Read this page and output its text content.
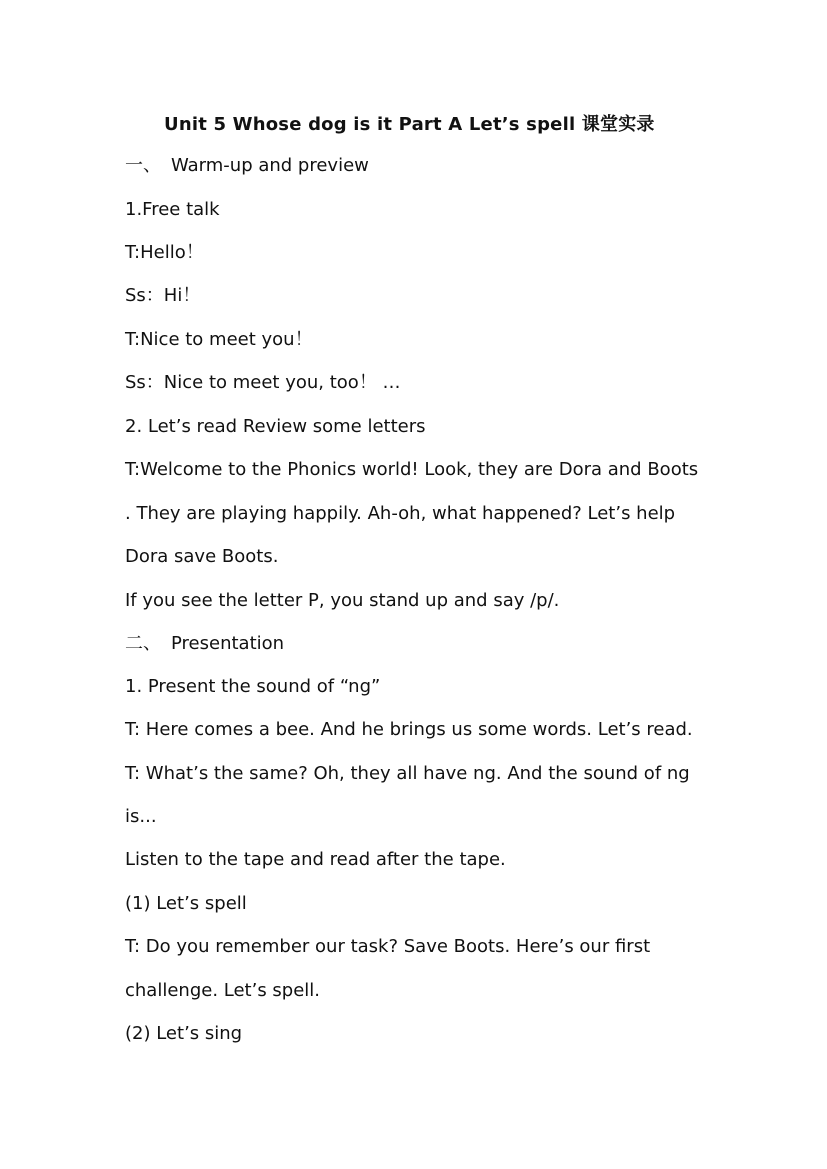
Unit 5 Whose dog is it Part A Let’s spell 课堂实录
一、 Warm-up and preview
1.Free talk
T:Hello！
Ss：Hi！
T:Nice to meet you！
Ss：Nice to meet you, too！ …
2. Let’s read Review some letters
T:Welcome to the Phonics world! Look, they are Dora and Boots
. They are playing happily. Ah-oh, what happened? Let’s help
Dora save Boots.
If you see the letter P, you stand up and say /p/.
二、 Presentation
1. Present the sound of “ng”
T: Here comes a bee. And he brings us some words. Let’s read.
T: What’s the same? Oh, they all have ng. And the sound of ng
is...
Listen to the tape and read after the tape.
(1) Let’s spell
T: Do you remember our task? Save Boots. Here’s our first
challenge. Let’s spell.
(2) Let’s sing
